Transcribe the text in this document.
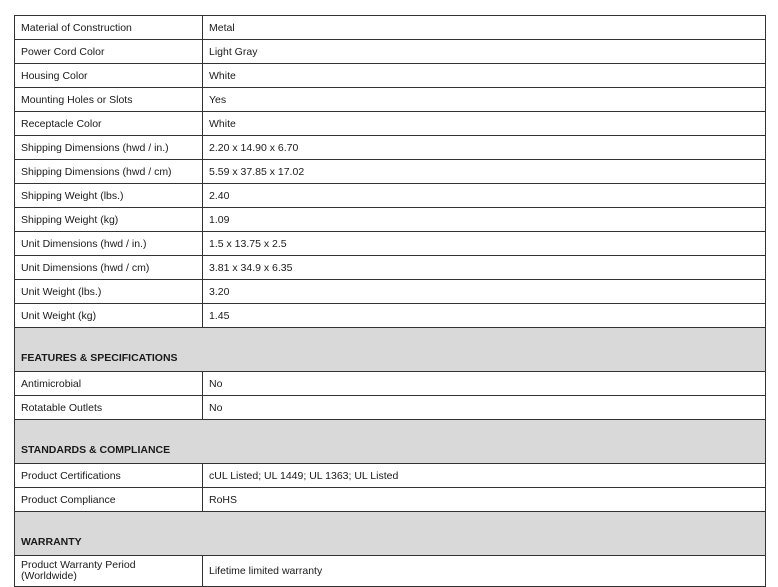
Material of Construction	Metal
Power Cord Color	Light Gray
Housing Color	White
Mounting Holes or Slots	Yes
Receptacle Color	White
Shipping Dimensions (hwd / in.)	2.20 x 14.90 x 6.70
Shipping Dimensions (hwd / cm)	5.59 x 37.85 x 17.02
Shipping Weight (lbs.)	2.40
Shipping Weight (kg)	1.09
Unit Dimensions (hwd / in.)	1.5 x 13.75 x 2.5
Unit Dimensions (hwd / cm)	3.81 x 34.9 x 6.35
Unit Weight (lbs.)	3.20
Unit Weight (kg)	1.45
FEATURES & SPECIFICATIONS	
Antimicrobial	No
Rotatable Outlets	No
STANDARDS & COMPLIANCE	
Product Certifications	cUL Listed; UL 1449; UL 1363; UL Listed
Product Compliance	RoHS
WARRANTY	

Product Warranty Period
(Worldwide)	Lifetime limited warranty
